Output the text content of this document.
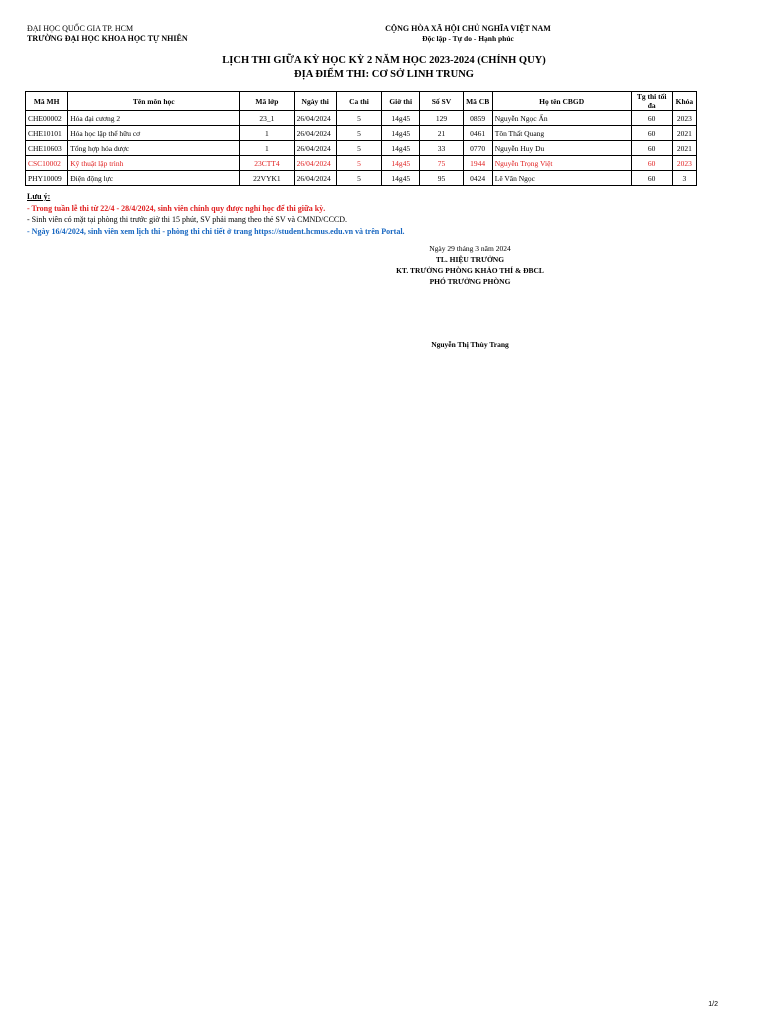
ĐẠI HỌC QUỐC GIA TP. HCM
TRƯỜNG ĐẠI HỌC KHOA HỌC TỰ NHIÊN
CỘNG HÒA XÃ HỘI CHỦ NGHĨA VIỆT NAM
Độc lập - Tự do - Hạnh phúc
LỊCH THI GIỮA KỲ HỌC KỲ 2 NĂM HỌC 2023-2024 (CHÍNH QUY)
ĐỊA ĐIỂM THI: CƠ SỞ LINH TRUNG
Mã MH	Tên môn học	Mã lớp	Ngày thi	Ca thi	Giờ thi	Số SV	Mã CB	Họ tên CBGD	Tg thi tối đa	Khóa
CHE00002	Hóa đại cương 2	23_1	26/04/2024	5	14g45	129	0859	Nguyễn Ngọc Ẩn	60	2023
CHE10101	Hóa học lập thể hữu cơ	1	26/04/2024	5	14g45	21	0461	Tôn Thất Quang	60	2021
CHE10603	Tổng hợp hóa dược	1	26/04/2024	5	14g45	33	0770	Nguyễn Huy Du	60	2021
CSC10002	Kỹ thuật lập trình	23CTT4	26/04/2024	5	14g45	75	1944	Nguyễn Trọng Việt	60	2023
PHY10009	Điện động lực	22VYK1	26/04/2024	5	14g45	95	0424	Lê Văn Ngọc	60	3
Lưu ý:
- Trong tuần lễ thi từ 22/4 - 28/4/2024, sinh viên chính quy được nghỉ học để thi giữa kỳ.
- Sinh viên có mặt tại phòng thi trước giờ thi 15 phút, SV phải mang theo thẻ SV và CMND/CCCD.
- Ngày 16/4/2024, sinh viên xem lịch thi - phòng thi chi tiết ở trang https://student.hcmus.edu.vn và trên Portal.
Ngày 29 tháng 3 năm 2024
TL. HIỆU TRƯỞNG
KT. TRƯỞNG PHÒNG KHẢO THÍ & ĐBCL
PHÓ TRƯỞNG PHÒNG
Nguyễn Thị Thùy Trang
1/2
